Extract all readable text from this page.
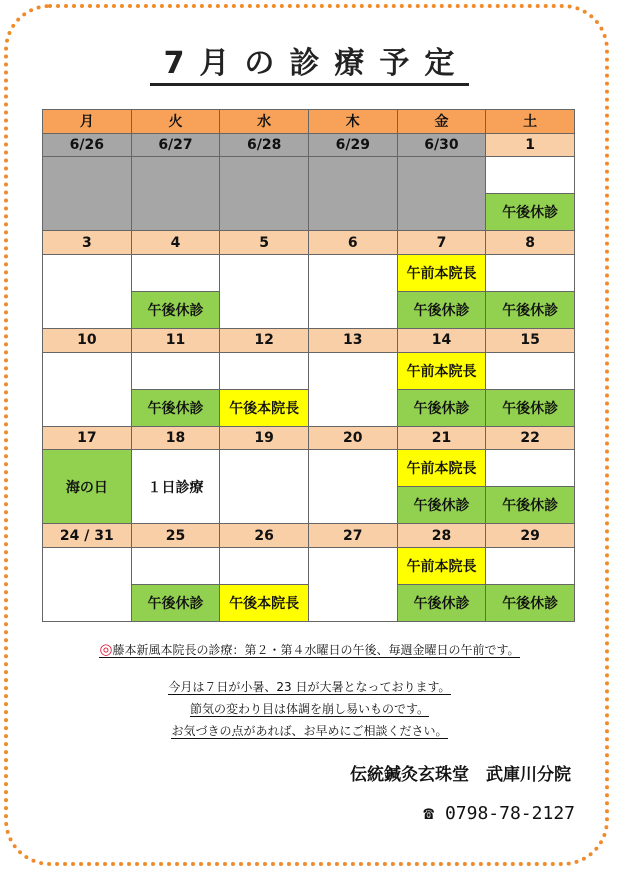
7月の診療予定
月	火	水	木	金	土
6/26	6/27	6/28	6/29	6/30	1

					午後休診
3	4	5	6	7	8
				午前本院長	
	午後休診			午後休診	午後休診
10	11	12	13	14	15
				午前本院長	
	午後休診	午後本院長		午後休診	午後休診
17	18	19	20	21	22
海の日	１日診療			午前本院長	
				午後休診	午後休診
24 / 31	25	26	27	28	29
				午前本院長	
	午後休診	午後本院長		午後休診	午後休診
◎藤本新風本院長の診療：第２・第４水曜日の午後、毎週金曜日の午前です。
今月は７日が小暑、23 日が大暑となっております。
節気の変わり目は体調を崩し易いものです。
お気づきの点があれば、お早めにご相談ください。
伝統鍼灸玄珠堂　武庫川分院
☎ 0798-78-2127
